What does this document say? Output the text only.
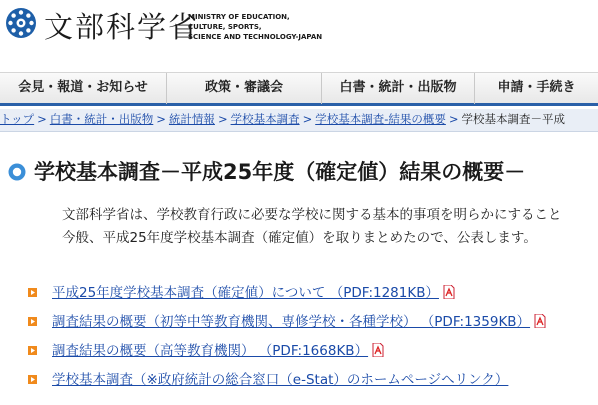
文部科学省
MINISTRY OF EDUCATION,
CULTURE, SPORTS,
SCIENCE AND TECHNOLOGY-JAPAN
会見・報道・お知らせ	政策・審議会	白書・統計・出版物	申請・手続き
トップ > 白書・統計・出版物 > 統計情報 > 学校基本調査 > 学校基本調査-結果の概要 > 学校基本調査－平成
学校基本調査－平成25年度（確定値）結果の概要－
文部科学省は、学校教育行政に必要な学校に関する基本的事項を明らかにすること
今般、平成25年度学校基本調査（確定値）を取りまとめたので、公表します。
平成25年度学校基本調査（確定値）について （PDF:1281KB）
調査結果の概要（初等中等教育機関、専修学校・各種学校） （PDF:1359KB）
調査結果の概要（高等教育機関） （PDF:1668KB）
学校基本調査（※政府統計の総合窓口（e-Stat）のホームページへリンク）
